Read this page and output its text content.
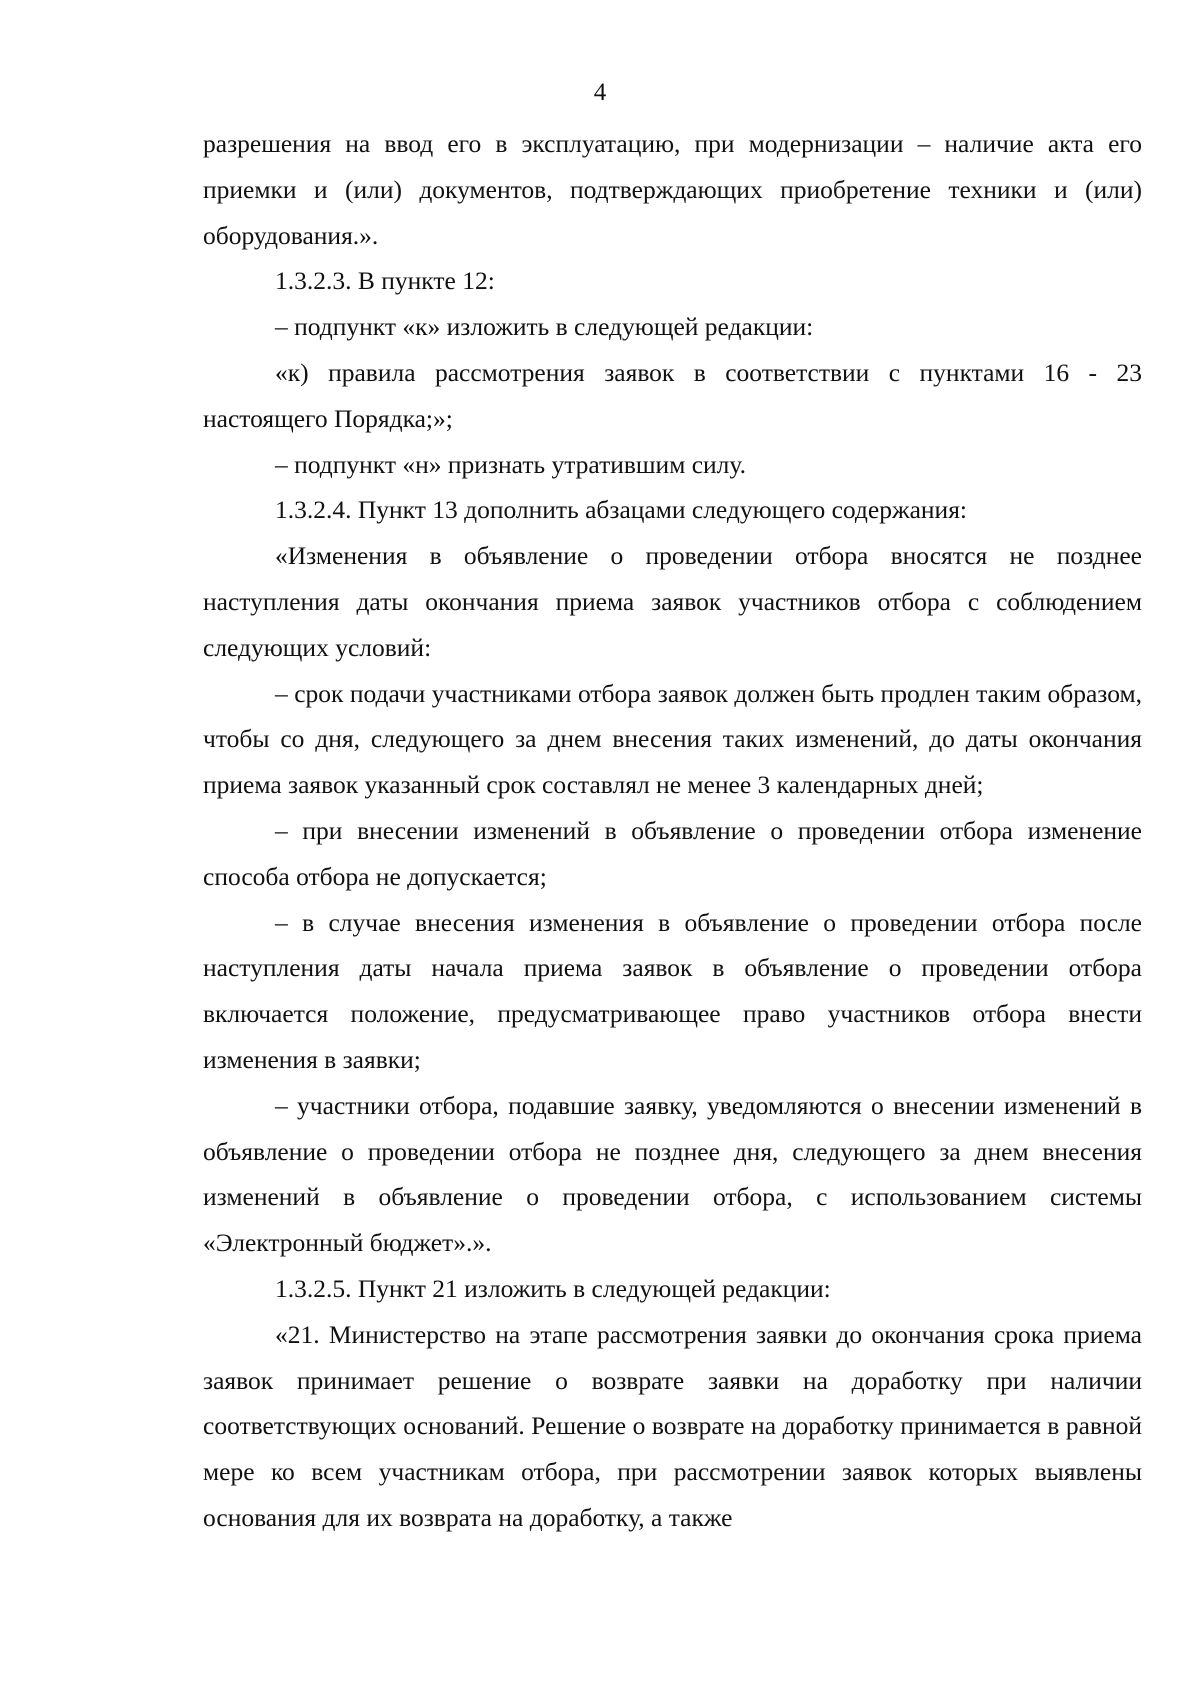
4

разрешения на ввод его в эксплуатацию, при модернизации – наличие акта его приемки и (или) документов, подтверждающих приобретение техники и (или) оборудования.».

1.3.2.3. В пункте 12:

– подпункт «к» изложить в следующей редакции:

«к) правила рассмотрения заявок в соответствии с пунктами 16 - 23 настоящего Порядка;»;

– подпункт «н» признать утратившим силу.

1.3.2.4. Пункт 13 дополнить абзацами следующего содержания:

«Изменения в объявление о проведении отбора вносятся не позднее наступления даты окончания приема заявок участников отбора с соблюдением следующих условий:

– срок подачи участниками отбора заявок должен быть продлен таким образом, чтобы со дня, следующего за днем внесения таких изменений, до даты окончания приема заявок указанный срок составлял не менее 3 календарных дней;

– при внесении изменений в объявление о проведении отбора изменение способа отбора не допускается;

– в случае внесения изменения в объявление о проведении отбора после наступления даты начала приема заявок в объявление о проведении отбора включается положение, предусматривающее право участников отбора внести изменения в заявки;

– участники отбора, подавшие заявку, уведомляются о внесении изменений в объявление о проведении отбора не позднее дня, следующего за днем внесения изменений в объявление о проведении отбора, с использованием системы «Электронный бюджет».».

1.3.2.5. Пункт 21 изложить в следующей редакции:

«21. Министерство на этапе рассмотрения заявки до окончания срока приема заявок принимает решение о возврате заявки на доработку при наличии соответствующих оснований. Решение о возврате на доработку принимается в равной мере ко всем участникам отбора, при рассмотрении заявок которых выявлены основания для их возврата на доработку, а также
